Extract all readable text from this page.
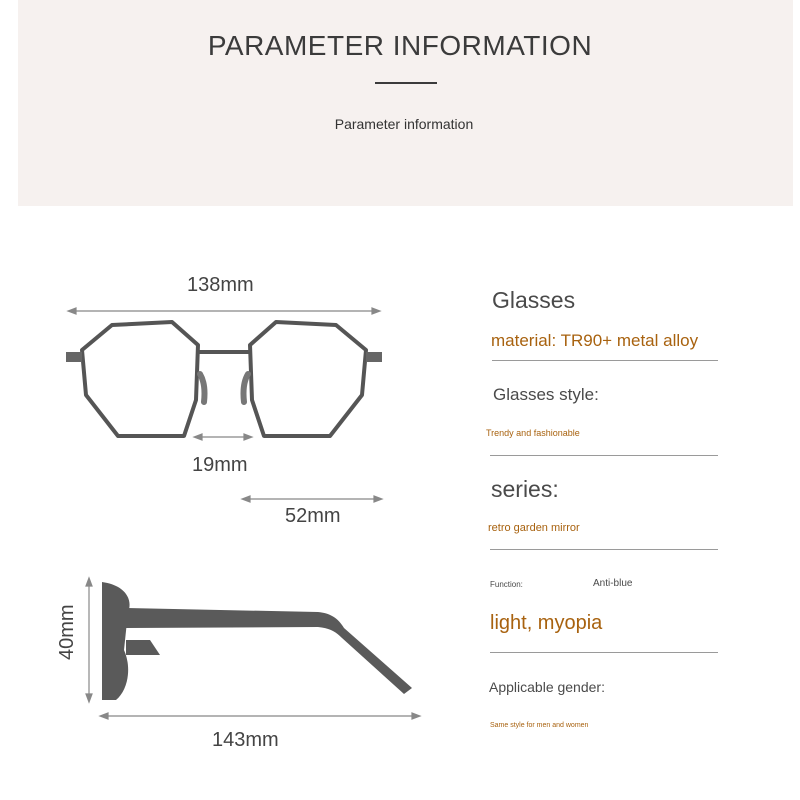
PARAMETER INFORMATION
Parameter information
138mm
19mm
52mm
40mm
143mm
Glasses
material: TR90+ metal alloy
Glasses style:
Trendy and fashionable
series:
retro garden mirror
Function:	Anti-blue
light, myopia
Applicable gender:
Same style for men and women
